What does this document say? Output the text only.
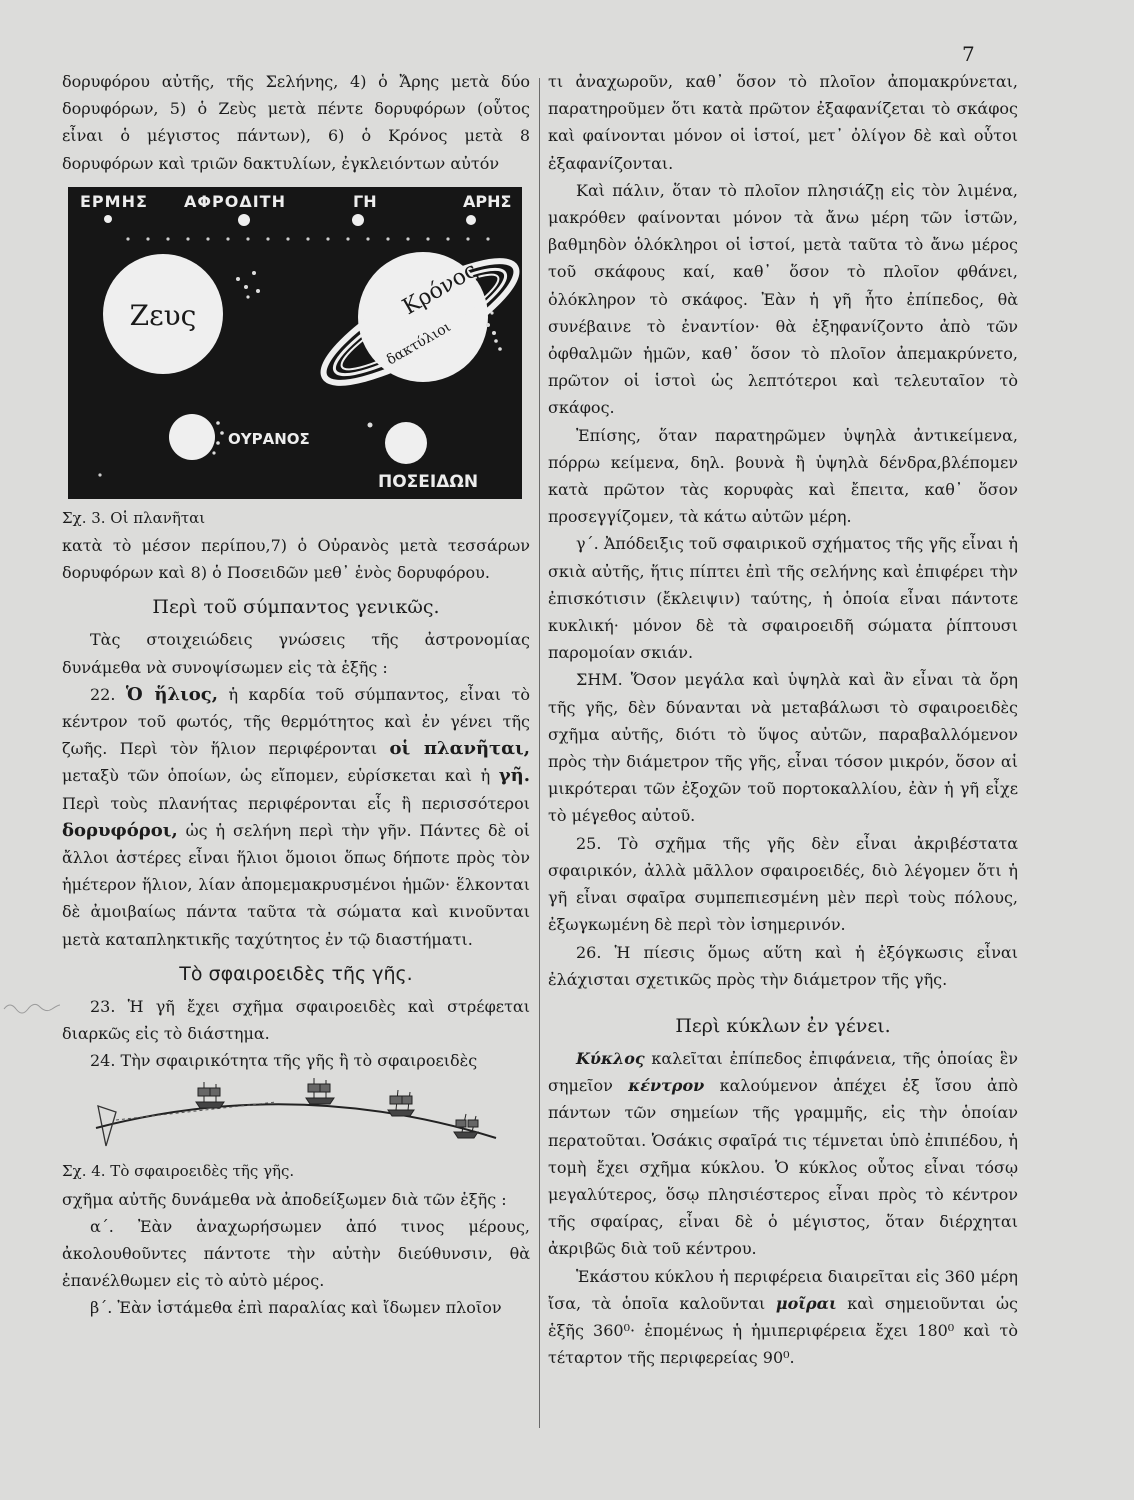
7

δορυφόρου αὐτῆς, τῆς Σελήνης, 4) ὁ Ἄρης μετὰ δύο δορυφόρων, 5) ὁ Ζεὺς μετὰ πέντε δορυφόρων (οὗτος εἶναι ὁ μέγιστος πάντων), 6) ὁ Κρόνος μετὰ 8 δορυφόρων καὶ τριῶν δακτυλίων, ἐγκλειόντων αὐτόν

ΕΡΜΗΣ ΑΦΡΟΔΙΤΗ	ΓΗ	ΑΡΗΣ
Ζευς	Κρόνος
δακτύλιοι
ΟΥΡΑΝΟΣ
ΠΟΣΕΙΔΩΝ

Σχ. 3. Οἱ πλανῆται

κατὰ τὸ μέσον περίπου,7) ὁ Οὐρανὸς μετὰ τεσσάρων δορυφόρων καὶ 8) ὁ Ποσειδῶν μεθ᾽ ἑνὸς δορυφόρου.

Περὶ τοῦ σύμπαντος γενικῶς.

Τὰς στοιχειώδεις γνώσεις τῆς ἀστρονομίας δυνάμεθα νὰ συνοψίσωμεν εἰς τὰ ἑξῆς :

22. Ὁ ἥλιος, ἡ καρδία τοῦ σύμπαντος, εἶναι τὸ κέντρον τοῦ φωτός, τῆς θερμότητος καὶ ἐν γένει τῆς ζωῆς. Περὶ τὸν ἥλιον περιφέρονται οἱ πλανῆται, μεταξὺ τῶν ὁποίων, ὡς εἴπομεν, εὑρίσκεται καὶ ἡ γῆ. Περὶ τοὺς πλανήτας περιφέρονται εἷς ἢ περισσότεροι δορυφόροι, ὡς ἡ σελήνη περὶ τὴν γῆν. Πάντες δὲ οἱ ἄλλοι ἀστέρες εἶναι ἥλιοι ὅμοιοι ὅπως δήποτε πρὸς τὸν ἡμέτερον ἥλιον, λίαν ἀπομεμακρυσμένοι ἡμῶν· ἕλκονται δὲ ἀμοιβαίως πάντα ταῦτα τὰ σώματα καὶ κινοῦνται μετὰ καταπληκτικῆς ταχύτητος ἐν τῷ διαστήματι.

Τὸ σφαιροειδὲς τῆς γῆς.

23. Ἡ γῆ ἔχει σχῆμα σφαιροειδὲς καὶ στρέφεται διαρκῶς εἰς τὸ διάστημα.

24. Τὴν σφαιρικότητα τῆς γῆς ἢ τὸ σφαιροειδὲς

Σχ. 4. Τὸ σφαιροειδὲς τῆς γῆς.

σχῆμα αὐτῆς δυνάμεθα νὰ ἀποδείξωμεν διὰ τῶν ἑξῆς :

α΄. Ἐὰν ἀναχωρήσωμεν ἀπό τινος μέρους, ἀκολουθοῦντες πάντοτε τὴν αὐτὴν διεύθυνσιν, θὰ ἐπανέλθωμεν εἰς τὸ αὐτὸ μέρος.

β΄. Ἐὰν ἱστάμεθα ἐπὶ παραλίας καὶ ἴδωμεν πλοῖον

τι ἀναχωροῦν, καθ᾽ ὅσον τὸ πλοῖον ἀπομακρύνεται, παρατηροῦμεν ὅτι κατὰ πρῶτον ἐξαφανίζεται τὸ σκάφος καὶ φαίνονται μόνον οἱ ἱστοί, μετ᾽ ὀλίγον δὲ καὶ οὗτοι ἐξαφανίζονται.

Καὶ πάλιν, ὅταν τὸ πλοῖον πλησιάζῃ εἰς τὸν λιμένα, μακρόθεν φαίνονται μόνον τὰ ἄνω μέρη τῶν ἱστῶν, βαθμηδὸν ὁλόκληροι οἱ ἱστοί, μετὰ ταῦτα τὸ ἄνω μέρος τοῦ σκάφους καί, καθ᾽ ὅσον τὸ πλοῖον φθάνει, ὁλόκληρον τὸ σκάφος. Ἐὰν ἡ γῆ ἦτο ἐπίπεδος, θὰ συνέβαινε τὸ ἐναντίον· θὰ ἐξηφανίζοντο ἀπὸ τῶν ὀφθαλμῶν ἡμῶν, καθ᾽ ὅσον τὸ πλοῖον ἀπεμακρύνετο, πρῶτον οἱ ἱστοὶ ὡς λεπτότεροι καὶ τελευταῖον τὸ σκάφος.

Ἐπίσης, ὅταν παρατηρῶμεν ὑψηλὰ ἀντικείμενα, πόρρω κείμενα, δηλ. βουνὰ ἢ ὑψηλὰ δένδρα,βλέπομεν κατὰ πρῶτον τὰς κορυφὰς καὶ ἔπειτα, καθ᾽ ὅσον προσεγγίζομεν, τὰ κάτω αὐτῶν μέρη.

γ΄. Ἀπόδειξις τοῦ σφαιρικοῦ σχήματος τῆς γῆς εἶναι ἡ σκιὰ αὐτῆς, ἥτις πίπτει ἐπὶ τῆς σελήνης καὶ ἐπιφέρει τὴν ἐπισκότισιν (ἔκλειψιν) ταύτης, ἡ ὁποία εἶναι πάντοτε κυκλική· μόνον δὲ τὰ σφαιροειδῆ σώματα ῥίπτουσι παρομοίαν σκιάν.

ΣΗΜ. Ὅσον μεγάλα καὶ ὑψηλὰ καὶ ἂν εἶναι τὰ ὄρη τῆς γῆς, δὲν δύνανται νὰ μεταβάλωσι τὸ σφαιροειδὲς σχῆμα αὐτῆς, διότι τὸ ὕψος αὐτῶν, παραβαλλόμενον πρὸς τὴν διάμετρον τῆς γῆς, εἶναι τόσον μικρόν, ὅσον αἱ μικρότεραι τῶν ἐξοχῶν τοῦ πορτοκαλλίου, ἐὰν ἡ γῆ εἶχε τὸ μέγεθος αὐτοῦ.

25. Τὸ σχῆμα τῆς γῆς δὲν εἶναι ἀκριβέστατα σφαιρικόν, ἀλλὰ μᾶλλον σφαιροειδές, διὸ λέγομεν ὅτι ἡ γῆ εἶναι σφαῖρα συμπεπιεσμένη μὲν περὶ τοὺς πόλους, ἐξωγκωμένη δὲ περὶ τὸν ἰσημερινόν.

26. Ἡ πίεσις ὅμως αὕτη καὶ ἡ ἐξόγκωσις εἶναι ἐλάχισται σχετικῶς πρὸς τὴν διάμετρον τῆς γῆς.

Περὶ κύκλων ἐν γένει.

Κύκλος καλεῖται ἐπίπεδος ἐπιφάνεια, τῆς ὁποίας ἓν σημεῖον κέντρον καλούμενον ἀπέχει ἐξ ἴσου ἀπὸ πάντων τῶν σημείων τῆς γραμμῆς, εἰς τὴν ὁποίαν περατοῦται. Ὁσάκις σφαῖρά τις τέμνεται ὑπὸ ἐπιπέδου, ἡ τομὴ ἔχει σχῆμα κύκλου. Ὁ κύκλος οὗτος εἶναι τόσῳ μεγαλύτερος, ὅσῳ πλησιέστερος εἶναι πρὸς τὸ κέντρον τῆς σφαίρας, εἶναι δὲ ὁ μέγιστος, ὅταν διέρχηται ἀκριβῶς διὰ τοῦ κέντρου.

Ἑκάστου κύκλου ἡ περιφέρεια διαιρεῖται εἰς 360 μέρη ἴσα, τὰ ὁποῖα καλοῦνται μοῖραι καὶ σημειοῦνται ὡς ἑξῆς 360⁰· ἑπομένως ἡ ἡμιπεριφέρεια ἔχει 180⁰ καὶ τὸ τέταρτον τῆς περιφερείας 90⁰.
